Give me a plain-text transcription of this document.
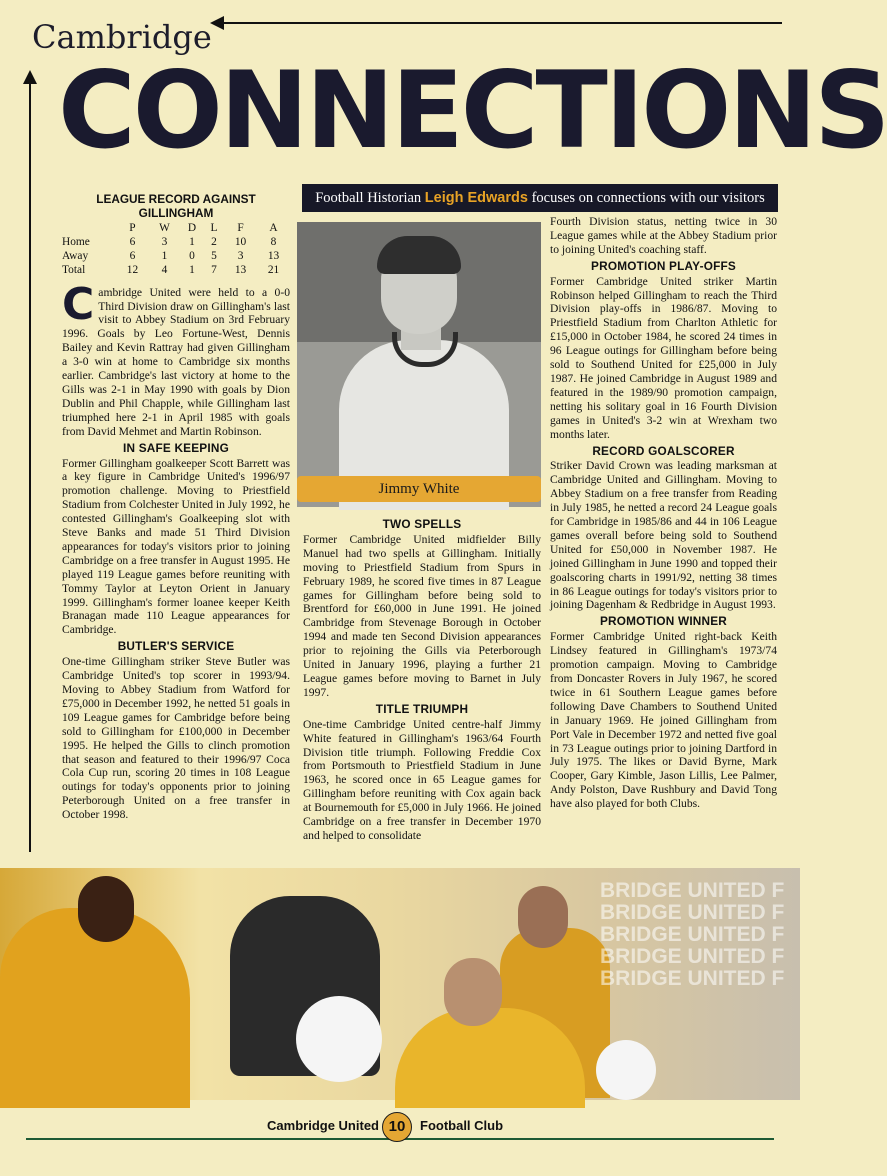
Cambridge
CONNECTIONS
Football Historian Leigh Edwards focuses on connections with our visitors
LEAGUE RECORD AGAINST GILLINGHAM
	P	W	D	L	F	A
Home	6	3	1	2	10	8
Away	6	1	0	5	3	13
Total	12	4	1	7	13	21

Cambridge United were held to a 0-0 Third Division draw on Gillingham's last visit to Abbey Stadium on 3rd February 1996. Goals by Leo Fortune-West, Dennis Bailey and Kevin Rattray had given Gillingham a 3-0 win at home to Cambridge six months earlier. Cambridge's last victory at home to the Gills was 2-1 in May 1990 with goals by Dion Dublin and Phil Chapple, while Gillingham last triumphed here 2-1 in April 1985 with goals from David Mehmet and Martin Robinson.

IN SAFE KEEPING

Former Gillingham goalkeeper Scott Barrett was a key figure in Cambridge United's 1996/97 promotion challenge. Moving to Priestfield Stadium from Colchester United in July 1992, he contested Gillingham's Goalkeeping slot with Steve Banks and made 51 Third Division appearances for today's visitors prior to joining Cambridge on a free transfer in August 1995. He played 119 League games before reuniting with Tommy Taylor at Leyton Orient in January 1999. Gillingham's former loanee keeper Keith Branagan made 110 League appearances for Cambridge.

BUTLER'S SERVICE

One-time Gillingham striker Steve Butler was Cambridge United's top scorer in 1993/94. Moving to Abbey Stadium from Watford for £75,000 in December 1992, he netted 51 goals in 109 League games for Cambridge before being sold to Gillingham for £100,000 in December 1995. He helped the Gills to clinch promotion that season and featured to their 1996/97 Coca Cola Cup run, scoring 20 times in 108 League outings for today's opponents prior to joining Peterborough United on a free transfer in October 1998.

Jimmy White
TWO SPELLS

Former Cambridge United midfielder Billy Manuel had two spells at Gillingham. Initially moving to Priestfield Stadium from Spurs in February 1989, he scored five times in 87 League games for Gillingham before being sold to Brentford for £60,000 in June 1991. He joined Cambridge from Stevenage Borough in October 1994 and made ten Second Division appearances prior to rejoining the Gills via Peterborough United in January 1996, playing a further 21 League games before moving to Barnet in July 1997.

TITLE TRIUMPH

One-time Cambridge United centre-half Jimmy White featured in Gillingham's 1963/64 Fourth Division title triumph. Following Freddie Cox from Portsmouth to Priestfield Stadium in June 1963, he scored once in 65 League games for Gillingham before reuniting with Cox again back at Bournemouth for £5,000 in July 1966. He joined Cambridge on a free transfer in December 1970 and helped to consolidate

Fourth Division status, netting twice in 30 League games while at the Abbey Stadium prior to joining United's coaching staff.

PROMOTION PLAY-OFFS

Former Cambridge United striker Martin Robinson helped Gillingham to reach the Third Division play-offs in 1986/87. Moving to Priestfield Stadium from Charlton Athletic for £15,000 in October 1984, he scored 24 times in 96 League outings for Gillingham before being sold to Southend United for £25,000 in July 1987. He joined Cambridge in August 1989 and featured in the 1989/90 promotion campaign, netting his solitary goal in 16 Fourth Division games in United's 3-2 win at Wrexham two months later.

RECORD GOALSCORER

Striker David Crown was leading marksman at Cambridge United and Gillingham. Moving to Abbey Stadium on a free transfer from Reading in July 1985, he netted a record 24 League goals for Cambridge in 1985/86 and 44 in 106 League games overall before being sold to Southend United for £50,000 in November 1987. He joined Gillingham in June 1990 and topped their goalscoring charts in 1991/92, netting 38 times in 86 League outings for today's visitors prior to joining Dagenham & Redbridge in August 1993.

PROMOTION WINNER

Former Cambridge United right-back Keith Lindsey featured in Gillingham's 1973/74 promotion campaign. Moving to Cambridge from Doncaster Rovers in July 1967, he scored twice in 61 Southern League games before following Dave Chambers to Southend United in January 1969. He joined Gillingham from Port Vale in December 1972 and netted five goal in 73 League outings prior to joining Dartford in July 1975. The likes or David Byrne, Mark Cooper, Gary Kimble, Jason Lillis, Lee Palmer, Andy Polston, Dave Rushbury and David Tong have also played for both Clubs.

BRIDGE UNITED F
BRIDGE UNITED F
BRIDGE UNITED F
BRIDGE UNITED F
BRIDGE UNITED F
Cambridge United 10	Football Club
